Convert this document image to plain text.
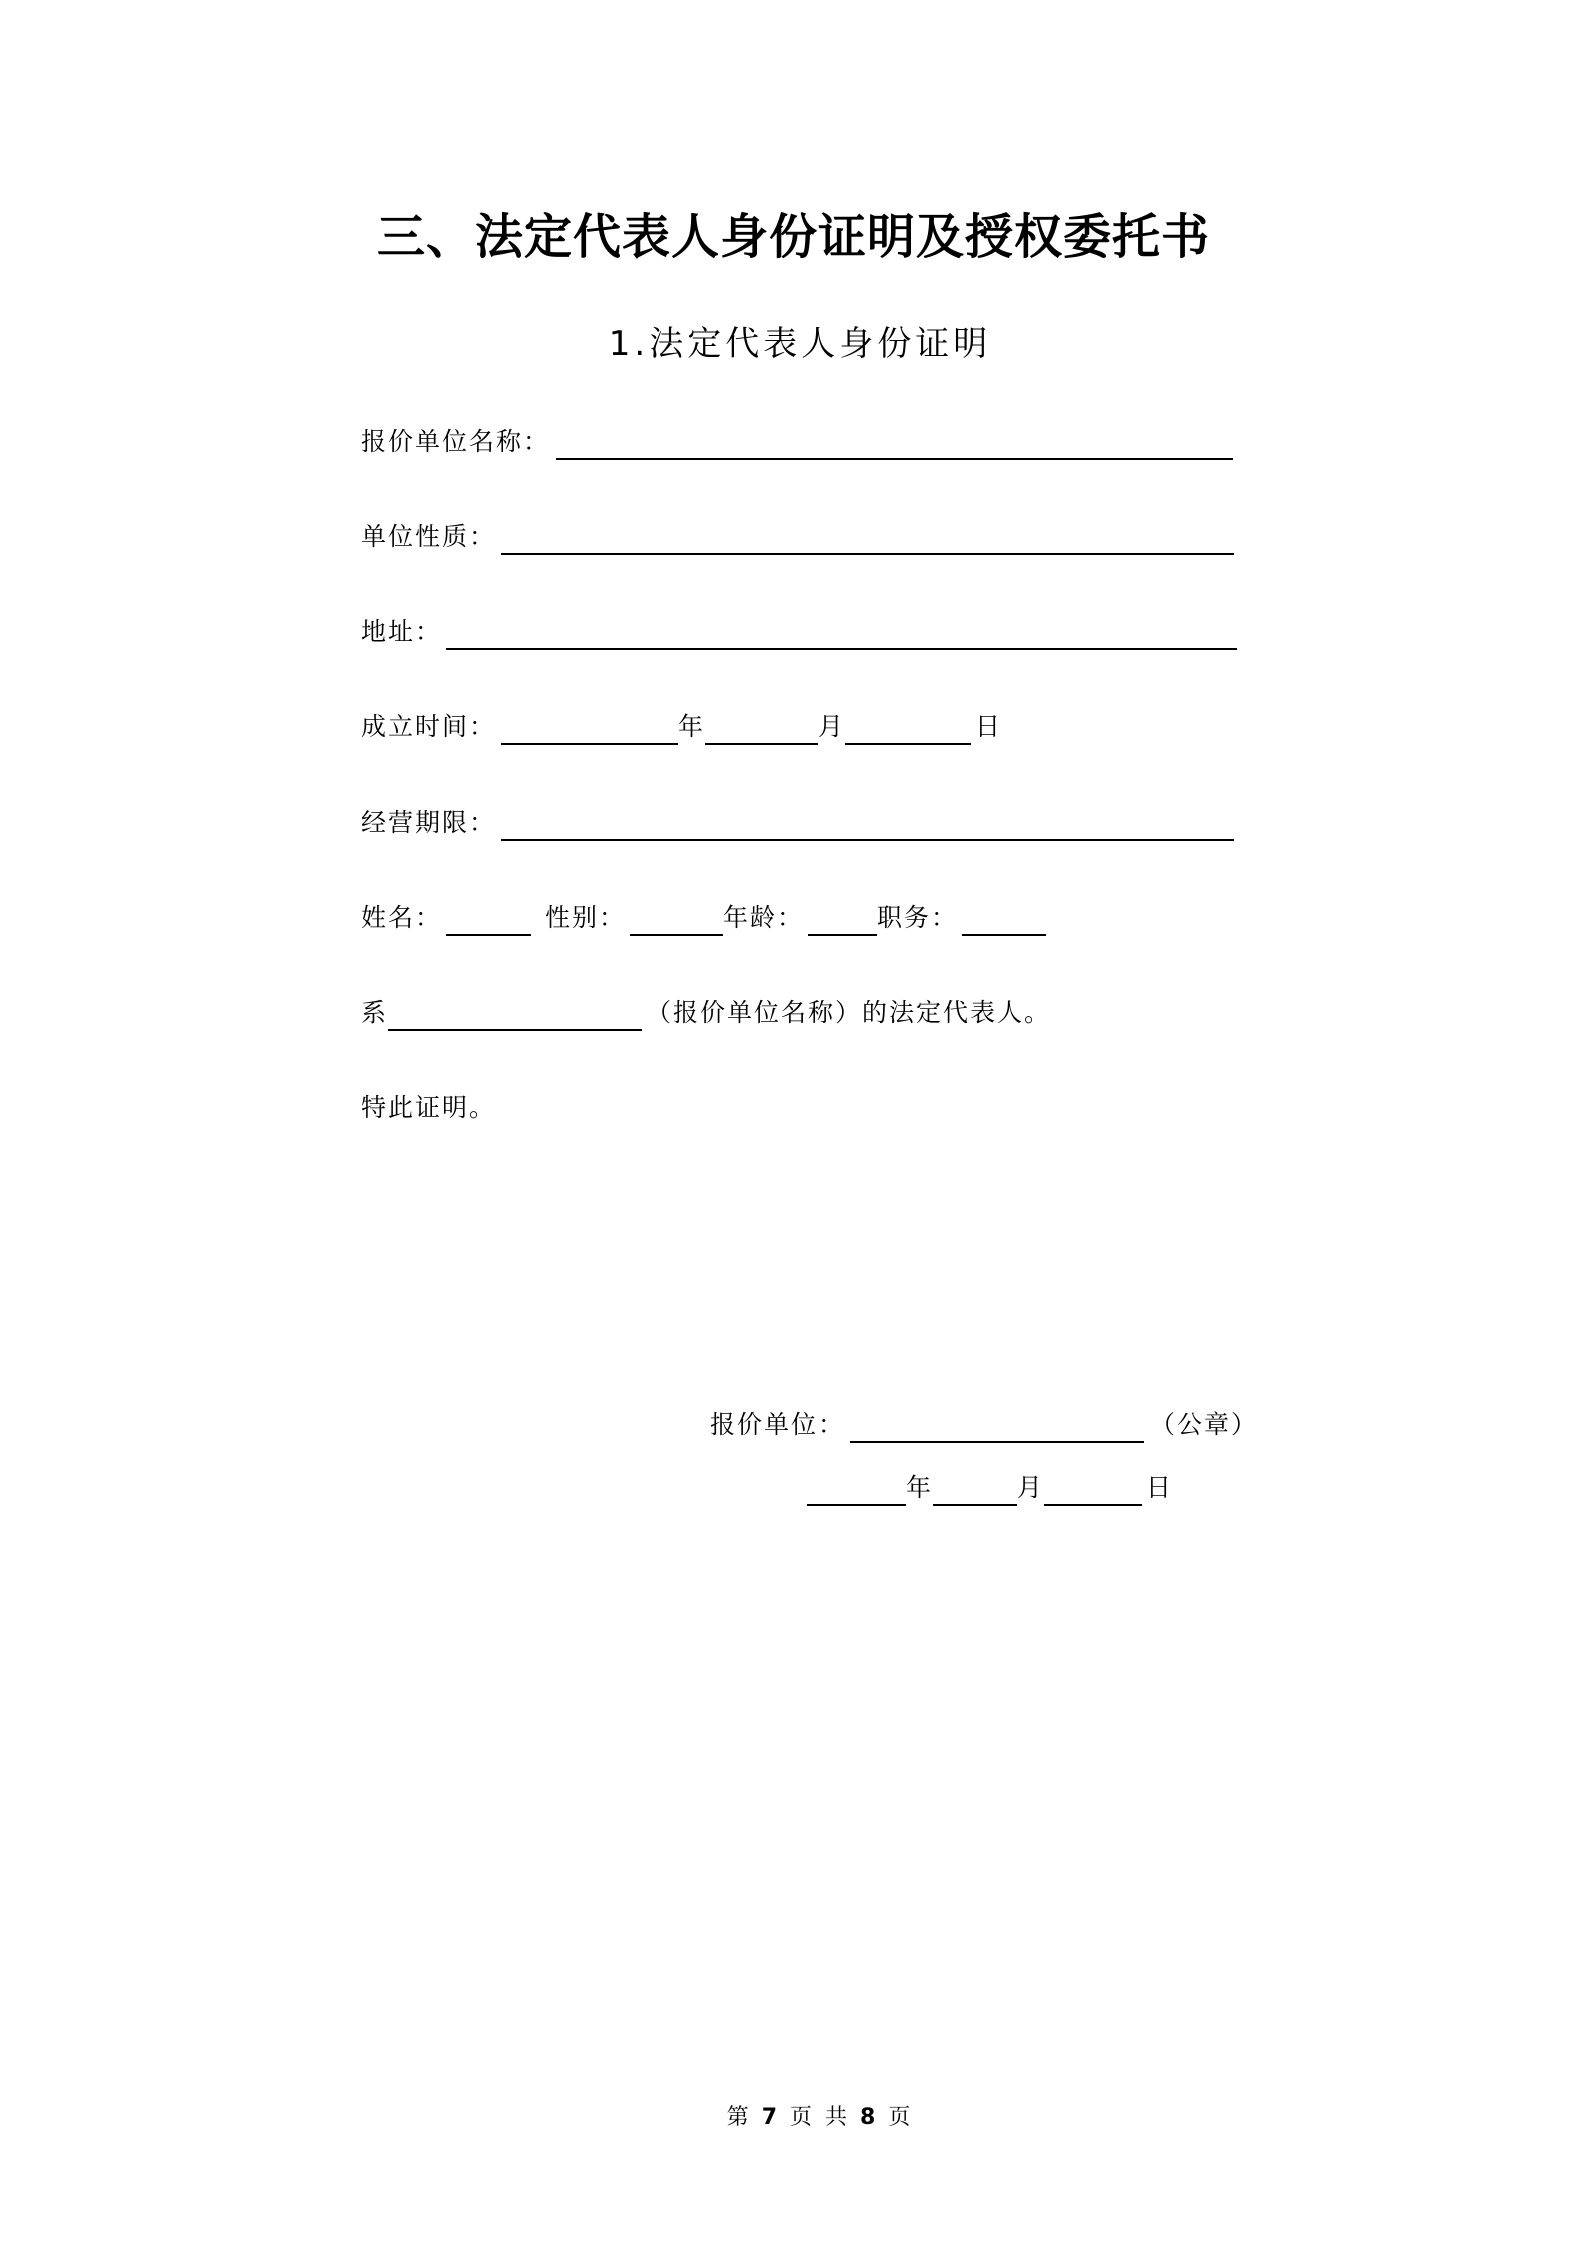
三、法定代表人身份证明及授权委托书
1.法定代表人身份证明
报价单位名称：
单位性质：
地址：
成立时间：	年	月	日
经营期限：
姓名：	性别：	年龄：	职务：
系	（报价单位名称）的法定代表人。
特此证明。
报价单位：	（公章）
年	月	日
第 7 页 共 8 页
